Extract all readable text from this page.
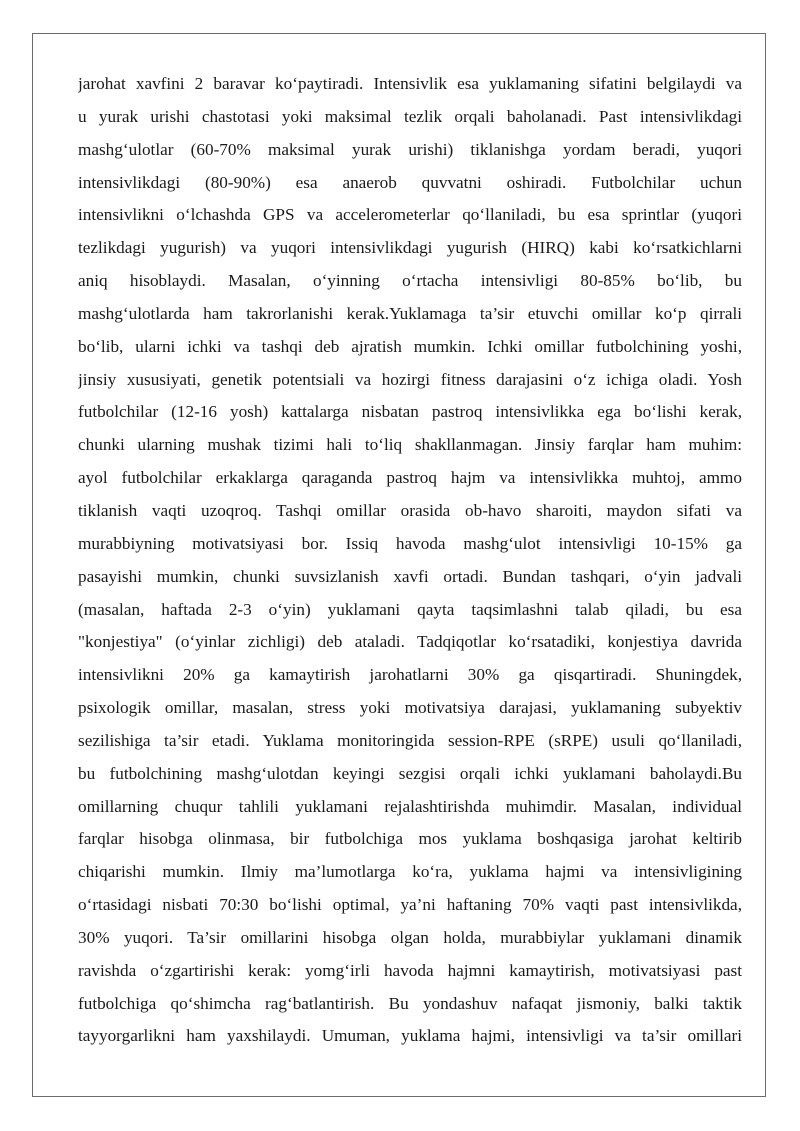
jarohat xavfini 2 baravar ko‘paytiradi. Intensivlik esa yuklamaning sifatini belgilaydi va
u yurak urishi chastotasi yoki maksimal tezlik orqali baholanadi. Past intensivlikdagi
mashg‘ulotlar (60-70% maksimal yurak urishi) tiklanishga yordam beradi, yuqori
intensivlikdagi (80-90%) esa anaerob quvvatni oshiradi. Futbolchilar uchun
intensivlikni o‘lchashda GPS va accelerometerlar qo‘llaniladi, bu esa sprintlar (yuqori
tezlikdagi yugurish) va yuqori intensivlikdagi yugurish (HIRQ) kabi ko‘rsatkichlarni
aniq hisoblaydi. Masalan, o‘yinning o‘rtacha intensivligi 80-85% bo‘lib, bu
mashg‘ulotlarda ham takrorlanishi kerak.Yuklamaga ta’sir etuvchi omillar ko‘p qirrali
bo‘lib, ularni ichki va tashqi deb ajratish mumkin. Ichki omillar futbolchining yoshi,
jinsiy xususiyati, genetik potentsiali va hozirgi fitness darajasini o‘z ichiga oladi. Yosh
futbolchilar (12-16 yosh) kattalarga nisbatan pastroq intensivlikka ega bo‘lishi kerak,
chunki ularning mushak tizimi hali to‘liq shakllanmagan. Jinsiy farqlar ham muhim:
ayol futbolchilar erkaklarga qaraganda pastroq hajm va intensivlikka muhtoj, ammo
tiklanish vaqti uzoqroq. Tashqi omillar orasida ob-havo sharoiti, maydon sifati va
murabbiyning motivatsiyasi bor. Issiq havoda mashg‘ulot intensivligi 10-15% ga
pasayishi mumkin, chunki suvsizlanish xavfi ortadi. Bundan tashqari, o‘yin jadvali
(masalan, haftada 2-3 o‘yin) yuklamani qayta taqsimlashni talab qiladi, bu esa
"konjestiya" (o‘yinlar zichligi) deb ataladi. Tadqiqotlar ko‘rsatadiki, konjestiya davrida
intensivlikni 20% ga kamaytirish jarohatlarni 30% ga qisqartiradi. Shuningdek,
psixologik omillar, masalan, stress yoki motivatsiya darajasi, yuklamaning subyektiv
sezilishiga ta’sir etadi. Yuklama monitoringida session-RPE (sRPE) usuli qo‘llaniladi,
bu futbolchining mashg‘ulotdan keyingi sezgisi orqali ichki yuklamani baholaydi.Bu
omillarning chuqur tahlili yuklamani rejalashtirishda muhimdir. Masalan, individual
farqlar hisobga olinmasa, bir futbolchiga mos yuklama boshqasiga jarohat keltirib
chiqarishi mumkin. Ilmiy ma’lumotlarga ko‘ra, yuklama hajmi va intensivligining
o‘rtasidagi nisbati 70:30 bo‘lishi optimal, ya’ni haftaning 70% vaqti past intensivlikda,
30% yuqori. Ta’sir omillarini hisobga olgan holda, murabbiylar yuklamani dinamik
ravishda o‘zgartirishi kerak: yomg‘irli havoda hajmni kamaytirish, motivatsiyasi past
futbolchiga qo‘shimcha rag‘batlantirish. Bu yondashuv nafaqat jismoniy, balki taktik
tayyorgarlikni ham yaxshilaydi. Umuman, yuklama hajmi, intensivligi va ta’sir omillari
